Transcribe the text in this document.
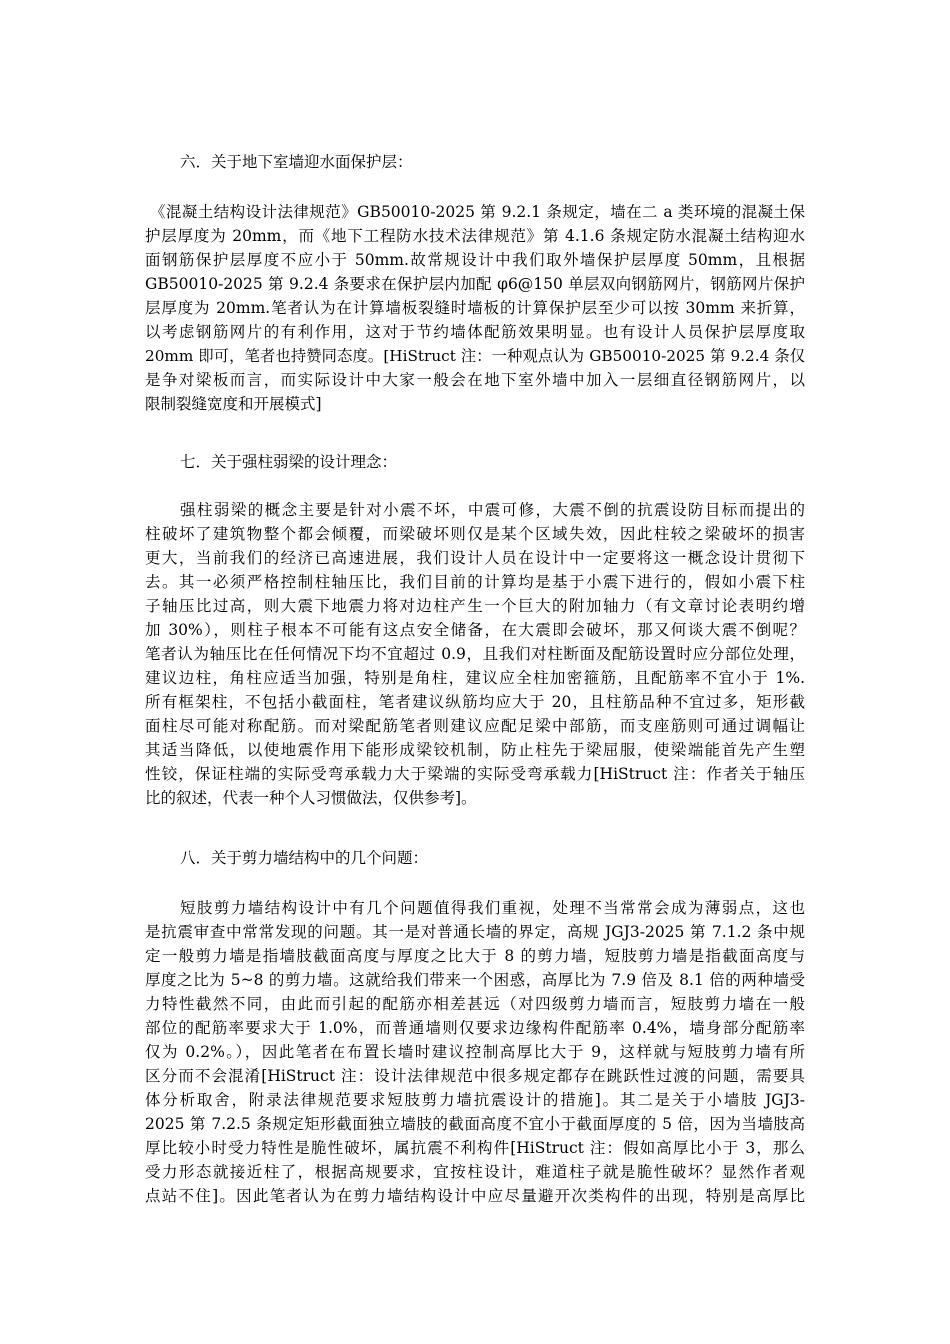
六．关于地下室墙迎水面保护层：
《混凝土结构设计法律规范》GB50010-2025 第 9.2.1 条规定，墙在二 a 类环境的混凝土保
护层厚度为 20mm，而《地下工程防水技术法律规范》第 4.1.6 条规定防水混凝土结构迎水
面钢筋保护层厚度不应小于 50mm.故常规设计中我们取外墙保护层厚度 50mm，且根据
GB50010-2025 第 9.2.4 条要求在保护层内加配 φ6@150 单层双向钢筋网片，钢筋网片保护
层厚度为 20mm.笔者认为在计算墙板裂缝时墙板的计算保护层至少可以按 30mm 来折算，
以考虑钢筋网片的有利作用，这对于节约墙体配筋效果明显。也有设计人员保护层厚度取
20mm 即可，笔者也持赞同态度。[HiStruct 注：一种观点认为 GB50010-2025 第 9.2.4 条仅
是争对梁板而言，而实际设计中大家一般会在地下室外墙中加入一层细直径钢筋网片，以
限制裂缝宽度和开展模式]
七．关于强柱弱梁的设计理念：
强柱弱梁的概念主要是针对小震不坏，中震可修，大震不倒的抗震设防目标而提出的
柱破坏了建筑物整个都会倾覆，而梁破坏则仅是某个区域失效，因此柱较之梁破坏的损害
更大，当前我们的经济已高速进展，我们设计人员在设计中一定要将这一概念设计贯彻下
去。其一必须严格控制柱轴压比，我们目前的计算均是基于小震下进行的，假如小震下柱
子轴压比过高，则大震下地震力将对边柱产生一个巨大的附加轴力（有文章讨论表明约增
加 30%），则柱子根本不可能有这点安全储备，在大震即会破坏，那又何谈大震不倒呢？
笔者认为轴压比在任何情况下均不宜超过 0.9，且我们对柱断面及配筋设置时应分部位处理，
建议边柱，角柱应适当加强，特别是角柱，建议应全柱加密箍筋，且配筋率不宜小于 1%.
所有框架柱，不包括小截面柱，笔者建议纵筋均应大于 20，且柱筋品种不宜过多，矩形截
面柱尽可能对称配筋。而对梁配筋笔者则建议应配足梁中部筋，而支座筋则可通过调幅让
其适当降低，以使地震作用下能形成梁铰机制，防止柱先于梁屈服，使梁端能首先产生塑
性铰，保证柱端的实际受弯承载力大于梁端的实际受弯承载力[HiStruct 注：作者关于轴压
比的叙述，代表一种个人习惯做法，仅供参考]。
八．关于剪力墙结构中的几个问题：
短肢剪力墙结构设计中有几个问题值得我们重视，处理不当常常会成为薄弱点，这也
是抗震审查中常常发现的问题。其一是对普通长墙的界定，高规 JGJ3-2025 第 7.1.2 条中规
定一般剪力墙是指墙肢截面高度与厚度之比大于 8 的剪力墙，短肢剪力墙是指截面高度与
厚度之比为 5~8 的剪力墙。这就给我们带来一个困惑，高厚比为 7.9 倍及 8.1 倍的两种墙受
力特性截然不同，由此而引起的配筋亦相差甚远（对四级剪力墙而言，短肢剪力墙在一般
部位的配筋率要求大于 1.0%，而普通墙则仅要求边缘构件配筋率 0.4%，墙身部分配筋率
仅为 0.2%。），因此笔者在布置长墙时建议控制高厚比大于 9，这样就与短肢剪力墙有所
区分而不会混淆[HiStruct 注：设计法律规范中很多规定都存在跳跃性过渡的问题，需要具
体分析取舍，附录法律规范要求短肢剪力墙抗震设计的措施]。其二是关于小墙肢 JGJ3-
2025 第 7.2.5 条规定矩形截面独立墙肢的截面高度不宜小于截面厚度的 5 倍，因为当墙肢高
厚比较小时受力特性是脆性破坏，属抗震不利构件[HiStruct 注：假如高厚比小于 3，那么
受力形态就接近柱了，根据高规要求，宜按柱设计，难道柱子就是脆性破坏？显然作者观
点站不住]。因此笔者认为在剪力墙结构设计中应尽量避开次类构件的出现，特别是高厚比
